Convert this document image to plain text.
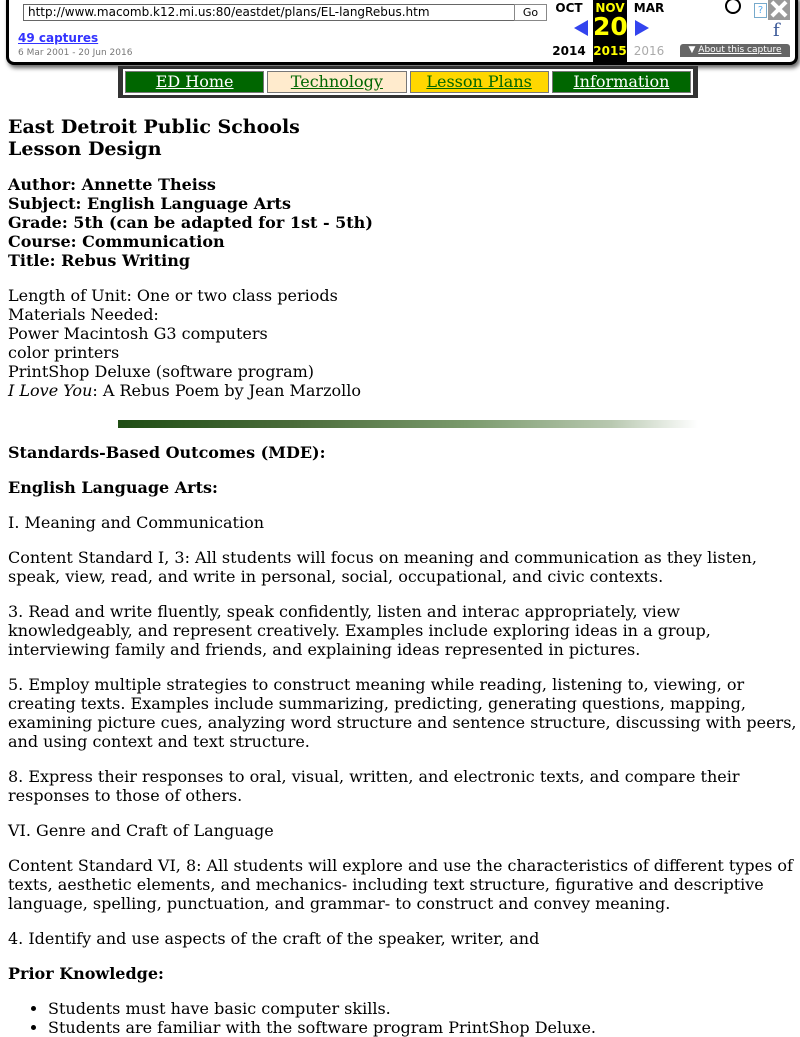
http://www.macomb.k12.mi.us:80/eastdet/plans/EL-langRebus.htm	Go
49 captures
6 Mar 2001 - 20 Jun 2016
OCT
2014
NOV
20
2015
MAR
2016
?
f
▼ About this capture
ED Home	Technology	Lesson Plans	Information
East Detroit Public Schools
Lesson Design
Author: Annette Theiss
Subject: English Language Arts
Grade: 5th (can be adapted for 1st - 5th)
Course: Communication
Title: Rebus Writing
Length of Unit: One or two class periods
Materials Needed:
Power Macintosh G3 computers
color printers
PrintShop Deluxe (software program)
I Love You: A Rebus Poem by Jean Marzollo

Standards-Based Outcomes (MDE):

English Language Arts:

I. Meaning and Communication

Content Standard I, 3: All students will focus on meaning and communication as they listen, speak, view, read, and write in personal, social, occupational, and civic contexts.

3. Read and write fluently, speak confidently, listen and interac appropriately, view knowledgeably, and represent creatively. Examples include exploring ideas in a group, interviewing family and friends, and explaining ideas represented in pictures.

5. Employ multiple strategies to construct meaning while reading, listening to, viewing, or creating texts. Examples include summarizing, predicting, generating questions, mapping, examining picture cues, analyzing word structure and sentence structure, discussing with peers, and using context and text structure.

8. Express their responses to oral, visual, written, and electronic texts, and compare their responses to those of others.

VI. Genre and Craft of Language

Content Standard VI, 8: All students will explore and use the characteristics of different types of texts, aesthetic elements, and mechanics- including text structure, figurative and descriptive language, spelling, punctuation, and grammar- to construct and convey meaning.

4. Identify and use aspects of the craft of the speaker, writer, and

Prior Knowledge:

• Students must have basic computer skills.
• Students are familiar with the software program PrintShop Deluxe.
